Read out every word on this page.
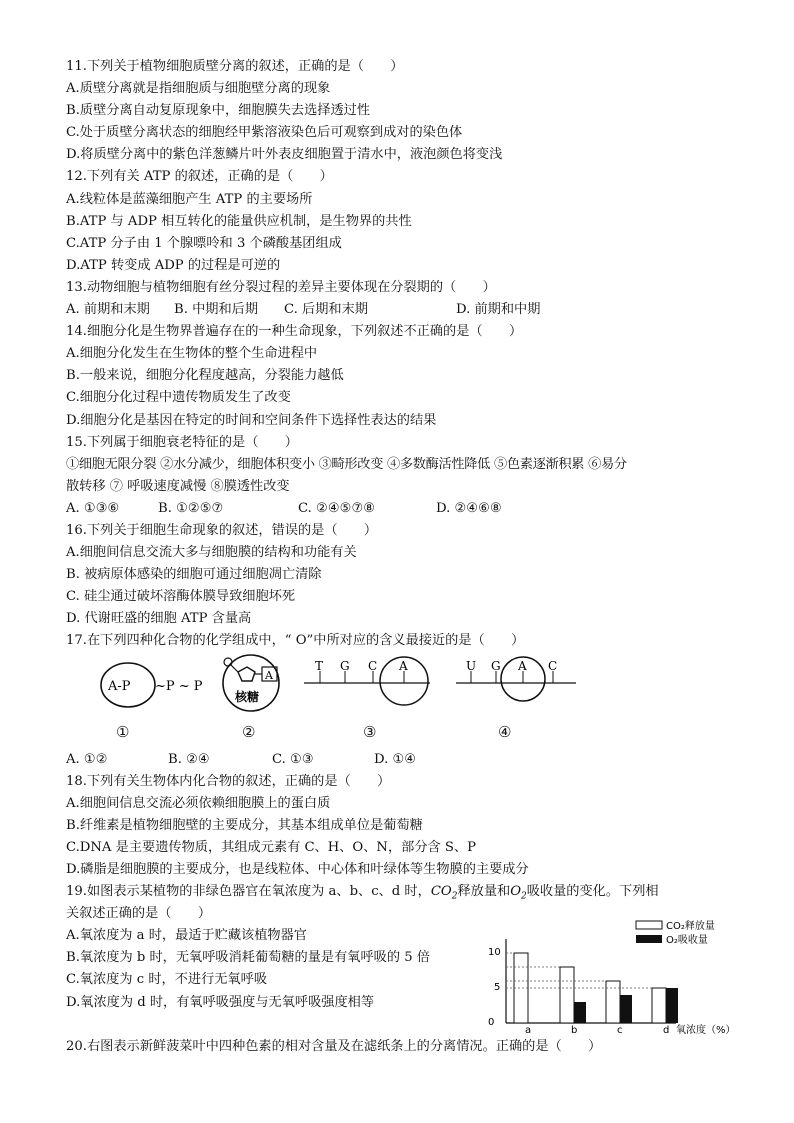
11.下列关于植物细胞质壁分离的叙述，正确的是（　　）
A.质壁分离就是指细胞质与细胞壁分离的现象
B.质壁分离自动复原现象中，细胞膜失去选择透过性
C.处于质壁分离状态的细胞经甲紫溶液染色后可观察到成对的染色体
D.将质壁分离中的紫色洋葱鳞片叶外表皮细胞置于清水中，液泡颜色将变浅
12.下列有关 ATP 的叙述，正确的是（　　）
A.线粒体是蓝藻细胞产生 ATP 的主要场所
B.ATP 与 ADP 相互转化的能量供应机制，是生物界的共性
C.ATP 分子由 1 个腺嘌呤和 3 个磷酸基团组成
D.ATP 转变成 ADP 的过程是可逆的
13.动物细胞与植物细胞有丝分裂过程的差异主要体现在分裂期的（　　）
A. 前期和末期 B. 中期和后期 C. 后期和末期	D. 前期和中期
14.细胞分化是生物界普遍存在的一种生命现象，下列叙述不正确的是（　　）
A.细胞分化发生在生物体的整个生命进程中
B.一般来说，细胞分化程度越高，分裂能力越低
C.细胞分化过程中遗传物质发生了改变
D.细胞分化是基因在特定的时间和空间条件下选择性表达的结果
15.下列属于细胞衰老特征的是（　　）
①细胞无限分裂 ②水分减少，细胞体积变小 ③畸形改变 ④多数酶活性降低 ⑤色素逐渐积累 ⑥易分
散转移 ⑦ 呼吸速度减慢 ⑧膜透性改变
A. ①③⑥	B. ①②⑤⑦	C. ②④⑤⑦⑧	D. ②④⑥⑧
16.下列关于细胞生命现象的叙述，错误的是（　　）
A.细胞间信息交流大多与细胞膜的结构和功能有关
B. 被病原体感染的细胞可通过细胞凋亡清除
C. 硅尘通过破坏溶酶体膜导致细胞坏死
D. 代谢旺盛的细胞 ATP 含量高
17.在下列四种化合物的化学组成中，“ O”中所对应的含义最接近的是（　　）
A-P ~P ~ P
A
核糖
T G C A	U G A C
①	②	③	④
A. ①②	B. ②④	C. ①③	D. ①④
18.下列有关生物体内化合物的叙述，正确的是（　　）
A.细胞间信息交流必须依赖细胞膜上的蛋白质
B.纤维素是植物细胞壁的主要成分，其基本组成单位是葡萄糖
C.DNA 是主要遗传物质，其组成元素有 C、H、O、N，部分含 S、P
D.磷脂是细胞膜的主要成分，也是线粒体、中心体和叶绿体等生物膜的主要成分
19.如图表示某植物的非绿色器官在氧浓度为 a、b、c、d 时，$CO_2$释放量和$O_2$吸收量的变化。下列相
关叙述正确的是（　　）
A.氧浓度为 a 时，最适于贮藏该植物器官
B.氧浓度为 b 时，无氧呼吸消耗葡萄糖的量是有氧呼吸的 5 倍
C.氧浓度为 c 时，不进行无氧呼吸
D.氧浓度为 d 时，有氧呼吸强度与无氧呼吸强度相等
CO₂释放量
O₂吸收量
0
5
10
a	b	c	d 氧浓度（%）
20.右图表示新鲜菠菜叶中四种色素的相对含量及在滤纸条上的分离情况。正确的是（　　）
